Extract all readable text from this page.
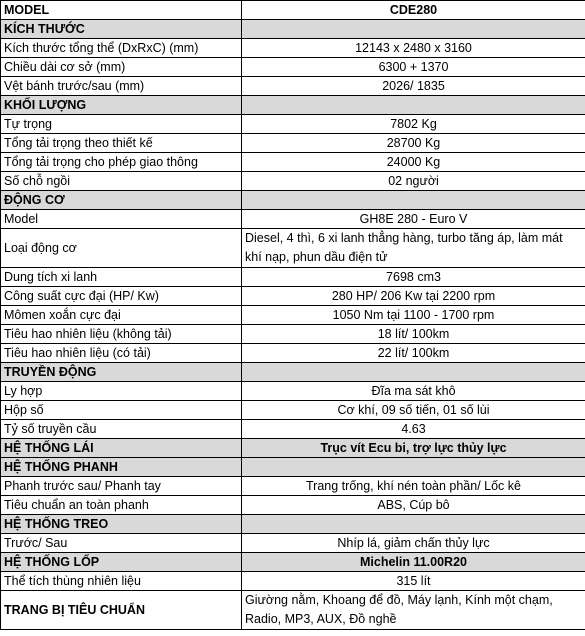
MODEL	CDE280
KÍCH THƯỚC	
Kích thước tổng thể (DxRxC) (mm)	12143 x 2480 x 3160
Chiều dài cơ sở (mm)	6300 + 1370
Vệt bánh trước/sau (mm)	2026/ 1835
KHỐI LƯỢNG	
Tự trọng	7802 Kg
Tổng tải trọng theo thiết kế	28700 Kg
Tổng tải trọng cho phép giao thông	24000 Kg
Số chỗ ngồi	02 người
ĐỘNG CƠ	
Model	GH8E 280 - Euro V
Loại động cơ	Diesel, 4 thì, 6 xi lanh thẳng hàng, turbo tăng áp, làm mát khí nạp, phun dầu điện tử
Dung tích xi lanh	7698 cm3
Công suất cực đại (HP/ Kw)	280 HP/ 206 Kw tại 2200 rpm
Mômen xoắn cực đại	1050 Nm tại 1100 - 1700 rpm
Tiêu hao nhiên liệu (không tải)	18 lít/ 100km
Tiêu hao nhiên liệu (có tải)	22 lít/ 100km
TRUYỀN ĐỘNG	
Ly hợp	Đĩa ma sát khô
Hộp số	Cơ khí, 09 số tiến, 01 số lùi
Tỷ số truyền cầu	4.63
HỆ THỐNG LÁI	Trục vít Ecu bi, trợ lực thủy lực
HỆ THỐNG PHANH	
Phanh trước sau/ Phanh tay	Trang trống, khí nén toàn phần/ Lốc kê
Tiêu chuẩn an toàn phanh	ABS, Cúp bô
HỆ THỐNG TREO	
Trước/ Sau	Nhíp lá, giảm chấn thủy lực
HỆ THỐNG LỐP	Michelin 11.00R20
Thể tích thùng nhiên liệu	315 lít
TRANG BỊ TIÊU CHUẨN	Giường nằm, Khoang để đồ, Máy lạnh, Kính một chạm, Radio, MP3, AUX, Đồ nghề
